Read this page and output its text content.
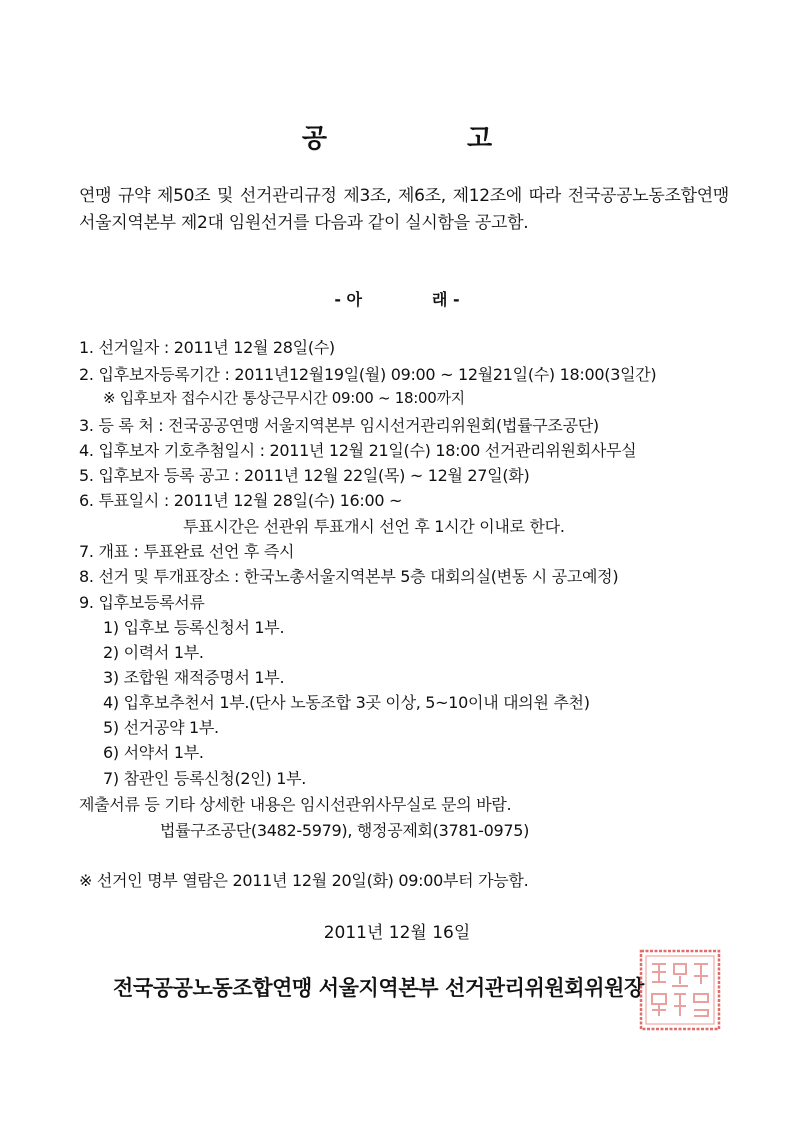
공	고
연맹 규약 제50조 및 선거관리규정 제3조, 제6조, 제12조에 따라 전국공공노동조합연맹 서울지역본부 제2대 임원선거를 다음과 같이 실시함을 공고함.
- 아	래 -
1. 선거일자 : 2011년 12월 28일(수)
2. 입후보자등록기간 : 2011년12월19일(월) 09:00 ~ 12월21일(수) 18:00(3일간)
※ 입후보자 접수시간 통상근무시간 09:00 ~ 18:00까지
3. 등 록 처 : 전국공공연맹 서울지역본부 임시선거관리위원회(법률구조공단)
4. 입후보자 기호추첨일시 : 2011년 12월 21일(수) 18:00 선거관리위원회사무실
5. 입후보자 등록 공고 : 2011년 12월 22일(목) ~ 12월 27일(화)
6. 투표일시 : 2011년 12월 28일(수) 16:00 ~
투표시간은 선관위 투표개시 선언 후 1시간 이내로 한다.
7. 개표 : 투표완료 선언 후 즉시
8. 선거 및 투개표장소 : 한국노총서울지역본부 5층 대회의실(변동 시 공고예정)
9. 입후보등록서류
1) 입후보 등록신청서 1부.
2) 이력서 1부.
3) 조합원 재적증명서 1부.
4) 입후보추천서 1부.(단사 노동조합 3곳 이상, 5~10이내 대의원 추천)
5) 선거공약 1부.
6) 서약서 1부.
7) 참관인 등록신청(2인) 1부.
제출서류 등 기타 상세한 내용은 임시선관위사무실로 문의 바람.
법률구조공단(3482-5979), 행정공제회(3781-0975)
※ 선거인 명부 열람은 2011년 12월 20일(화) 09:00부터 가능함.
2011년 12월 16일
전국공공노동조합연맹 서울지역본부 선거관리위원회위원장
